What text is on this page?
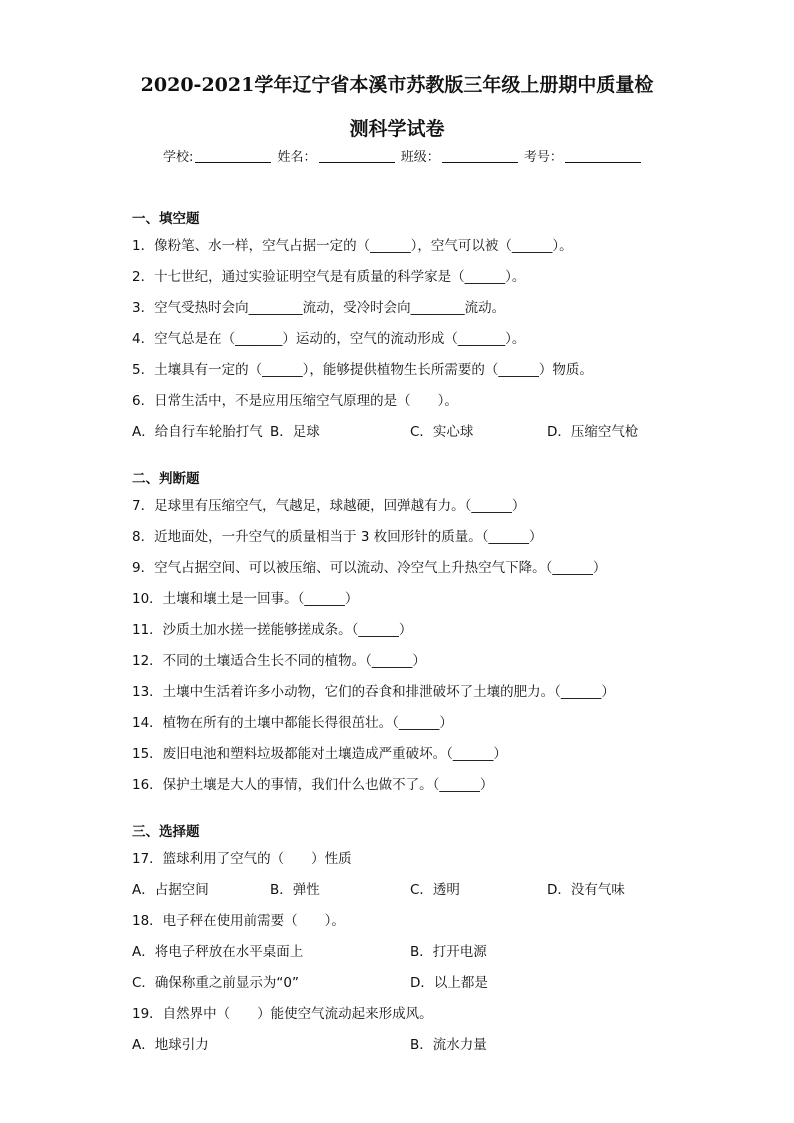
2020-2021学年辽宁省本溪市苏教版三年级上册期中质量检
测科学试卷
学校:	姓名：	班级：	考号：
一、填空题
1．像粉笔、水一样，空气占据一定的（______），空气可以被（______）。
2．十七世纪，通过实验证明空气是有质量的科学家是（______）。
3．空气受热时会向________流动，受冷时会向________流动。
4．空气总是在（_______）运动的，空气的流动形成（_______）。
5．土壤具有一定的（______），能够提供植物生长所需要的（______）物质。
6．日常生活中，不是应用压缩空气原理的是（　　）。
A．给自行车轮胎打气 B．足球	C．实心球	D．压缩空气枪
二、判断题
7．足球里有压缩空气，气越足，球越硬，回弹越有力。（______）
8．近地面处，一升空气的质量相当于 3 枚回形针的质量。（______）
9．空气占据空间、可以被压缩、可以流动、冷空气上升热空气下降。（______）
10．土壤和壤土是一回事。（______）
11．沙质土加水搓一搓能够搓成条。（______）
12．不同的土壤适合生长不同的植物。（______）
13．土壤中生活着许多小动物，它们的吞食和排泄破坏了土壤的肥力。（______）
14．植物在所有的土壤中都能长得很茁壮。（______）
15．废旧电池和塑料垃圾都能对土壤造成严重破坏。（______）
16．保护土壤是大人的事情，我们什么也做不了。（______）
三、选择题
17．篮球利用了空气的（　　）性质
A．占据空间	B．弹性	C．透明	D．没有气味
18．电子秤在使用前需要（　　）。
A．将电子秤放在水平桌面上	B．打开电源
C．确保称重之前显示为“0”	D．以上都是
19．自然界中（　　）能使空气流动起来形成风。
A．地球引力	B．流水力量
